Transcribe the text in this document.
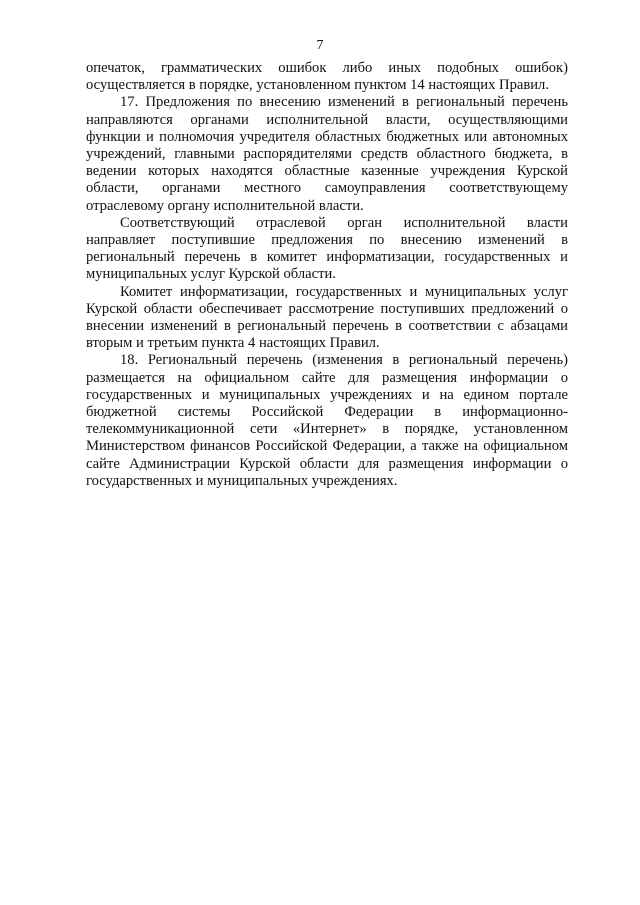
7

опечаток, грамматических ошибок либо иных подобных ошибок) осуществляется в порядке, установленном пунктом 14 настоящих Правил.

17. Предложения по внесению изменений в региональный перечень направляются органами исполнительной власти, осуществляющими функции и полномочия учредителя областных бюджетных или автономных учреждений, главными распорядителями средств областного бюджета, в ведении которых находятся областные казенные учреждения Курской области, органами местного самоуправления соответствующему отраслевому органу исполнительной власти.

Соответствующий отраслевой орган исполнительной власти направляет поступившие предложения по внесению изменений в региональный перечень в комитет информатизации, государственных и муниципальных услуг Курской области.

Комитет информатизации, государственных и муниципальных услуг Курской области обеспечивает рассмотрение поступивших предложений о внесении изменений в региональный перечень в соответствии с абзацами вторым и третьим пункта 4 настоящих Правил.

18. Региональный перечень (изменения в региональный перечень) размещается на официальном сайте для размещения информации о государственных и муниципальных учреждениях и на едином портале бюджетной системы Российской Федерации в информационно-телекоммуникационной сети «Интернет» в порядке, установленном Министерством финансов Российской Федерации, а также на официальном сайте Администрации Курской области для размещения информации о государственных и муниципальных учреждениях.
